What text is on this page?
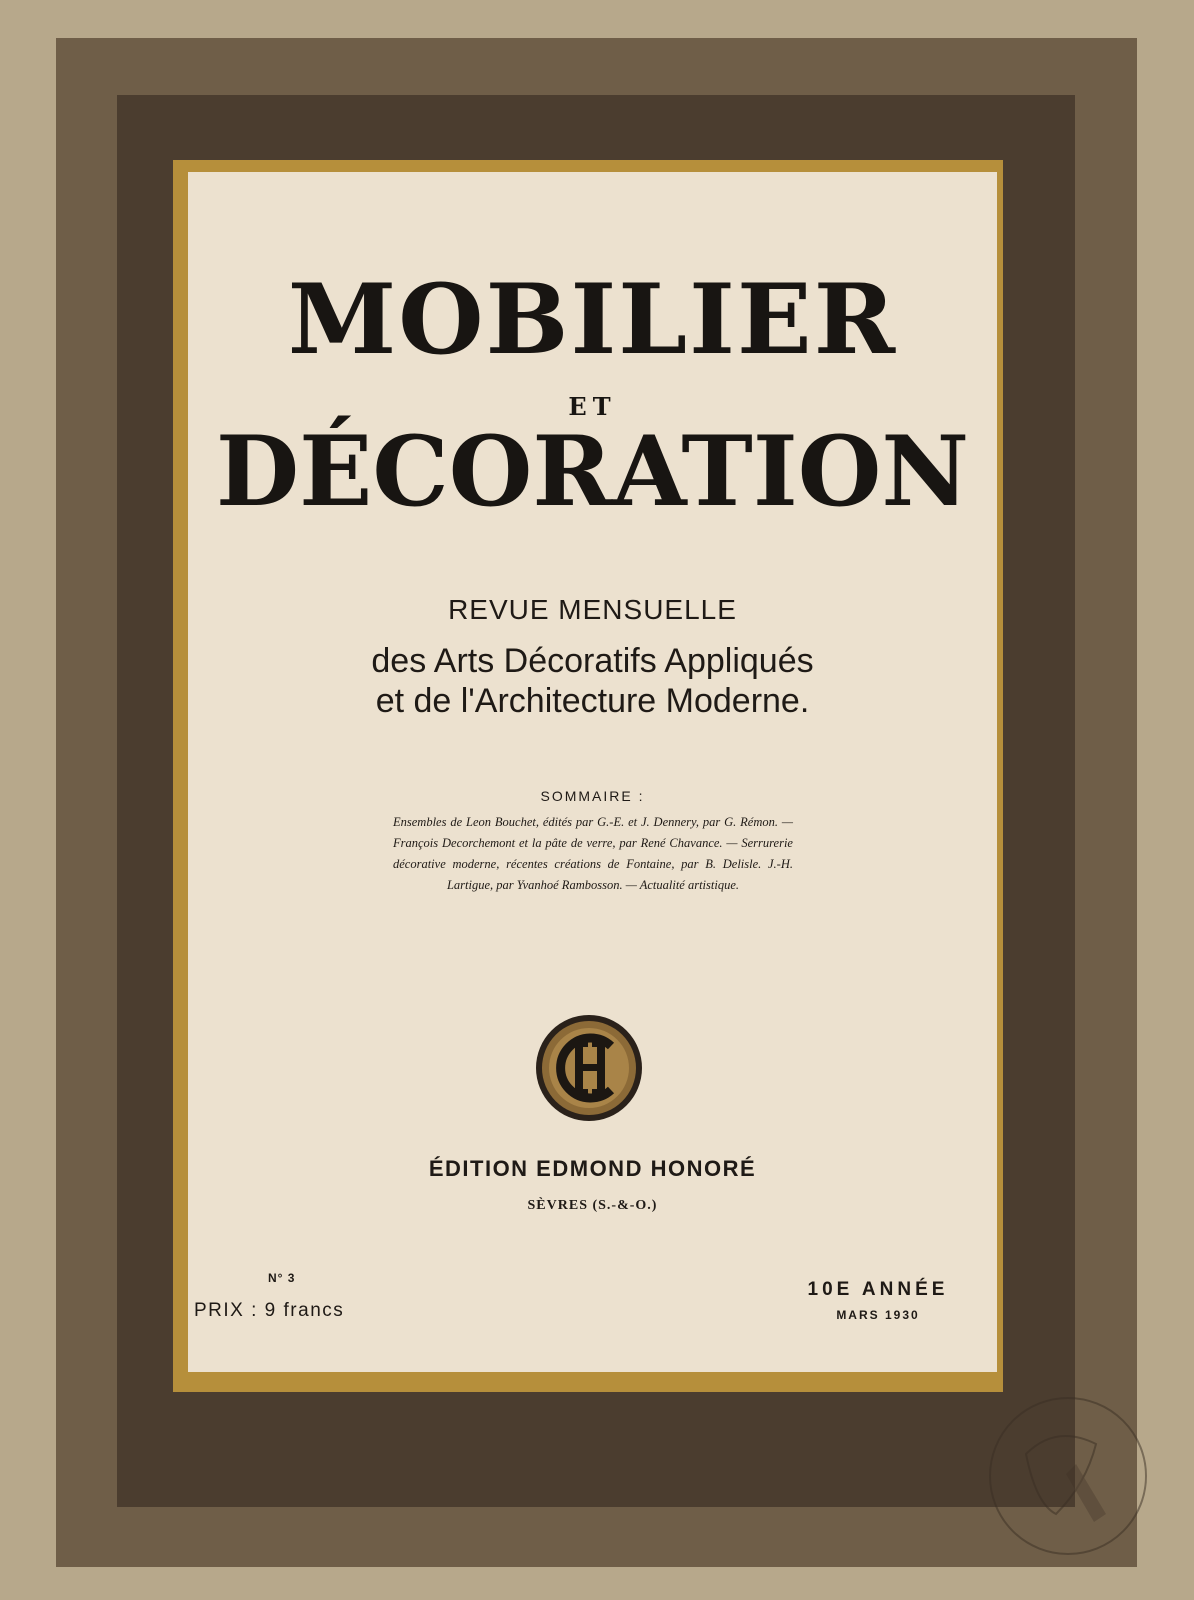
MOBILIER
ET
DÉCORATION
REVUE MENSUELLE
des Arts Décoratifs Appliqués
et de l'Architecture Moderne.
SOMMAIRE :
Ensembles de Leon Bouchet, édités par G.-E. et J. Dennery, par G. Rémon. — François Decorchemont et la pâte de verre, par René Chavance. — Serrurerie décorative moderne, récentes créations de Fontaine, par B. Delisle. J.-H. Lartigue, par Yvanhoé Rambosson. — Actualité artistique.
ÉDITION EDMOND HONORÉ
SÈVRES (S.-&-O.)
N° 3
PRIX : 9 francs
10E ANNÉE
MARS 1930
